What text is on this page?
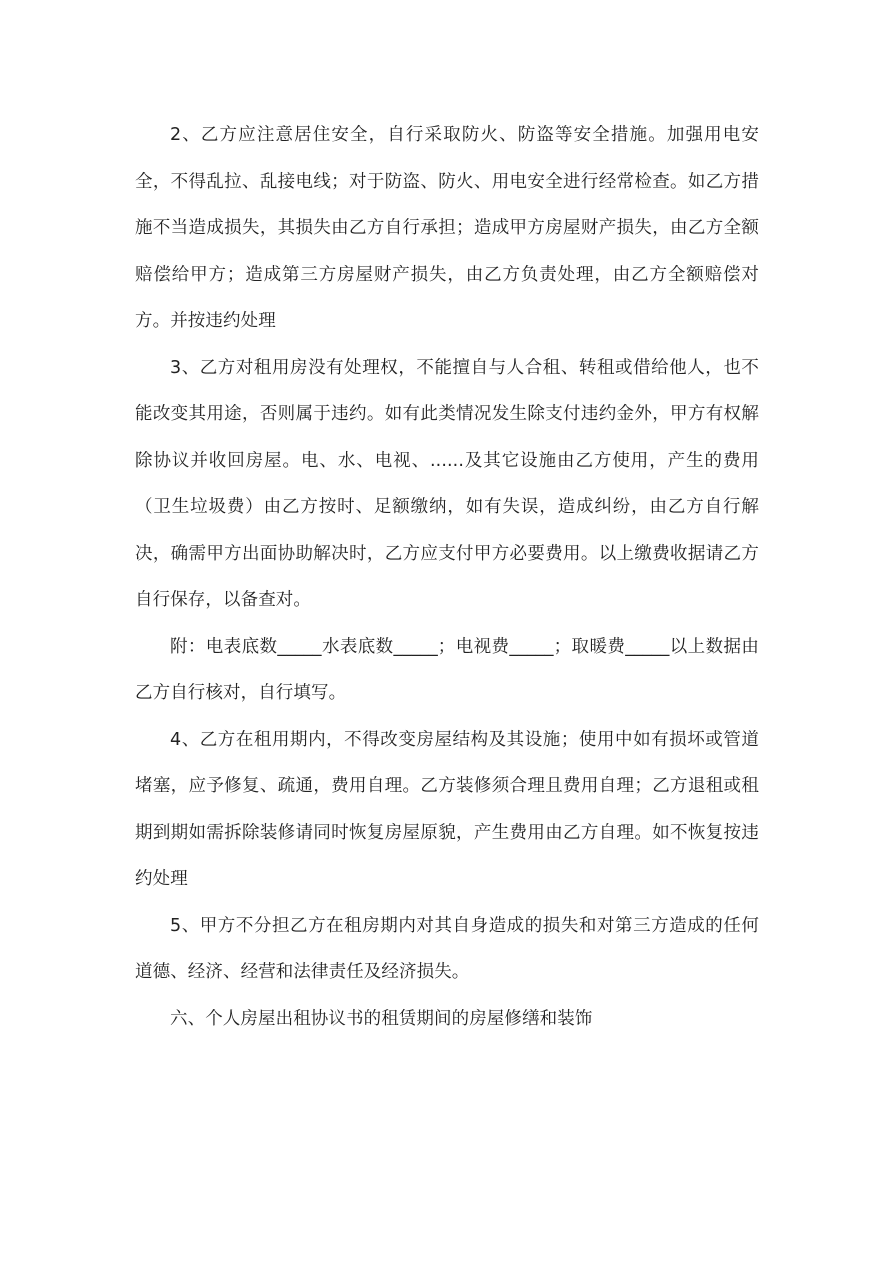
2、乙方应注意居住安全，自行采取防火、防盗等安全措施。加强用电安全，不得乱拉、乱接电线；对于防盗、防火、用电安全进行经常检查。如乙方措施不当造成损失，其损失由乙方自行承担；造成甲方房屋财产损失，由乙方全额赔偿给甲方；造成第三方房屋财产损失，由乙方负责处理，由乙方全额赔偿对方。并按违约处理

3、乙方对租用房没有处理权，不能擅自与人合租、转租或借给他人，也不能改变其用途，否则属于违约。如有此类情况发生除支付违约金外，甲方有权解除协议并收回房屋。电、水、电视、......及其它设施由乙方使用，产生的费用（卫生垃圾费）由乙方按时、足额缴纳，如有失误，造成纠纷，由乙方自行解决，确需甲方出面协助解决时，乙方应支付甲方必要费用。以上缴费收据请乙方自行保存，以备查对。

附：电表底数_____水表底数_____；电视费_____；取暖费_____以上数据由乙方自行核对，自行填写。

4、乙方在租用期内，不得改变房屋结构及其设施；使用中如有损坏或管道堵塞，应予修复、疏通，费用自理。乙方装修须合理且费用自理；乙方退租或租期到期如需拆除装修请同时恢复房屋原貌，产生费用由乙方自理。如不恢复按违约处理

5、甲方不分担乙方在租房期内对其自身造成的损失和对第三方造成的任何道德、经济、经营和法律责任及经济损失。

六、个人房屋出租协议书的租赁期间的房屋修缮和装饰
